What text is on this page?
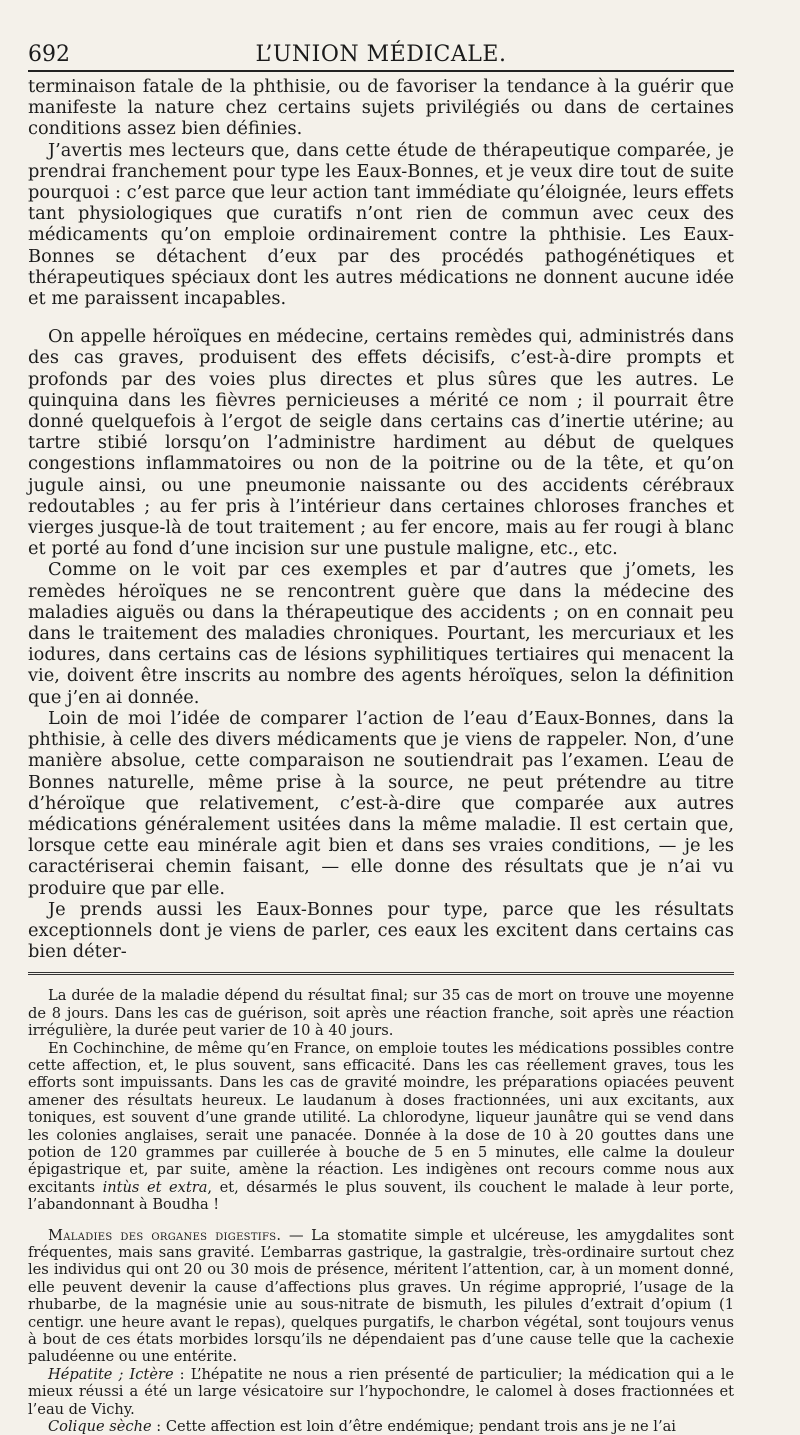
692	L’UNION MÉDICALE.

terminaison fatale de la phthisie, ou de favoriser la tendance à la guérir que manifeste la nature chez certains sujets privilégiés ou dans de certaines conditions assez bien définies.

J’avertis mes lecteurs que, dans cette étude de thérapeutique comparée, je prendrai franchement pour type les Eaux-Bonnes, et je veux dire tout de suite pourquoi : c’est parce que leur action tant immédiate qu’éloignée, leurs effets tant physiologiques que curatifs n’ont rien de commun avec ceux des médicaments qu’on emploie ordinairement contre la phthisie. Les Eaux-Bonnes se détachent d’eux par des procédés pathogénétiques et thérapeutiques spéciaux dont les autres médications ne donnent aucune idée et me paraissent incapables.

On appelle héroïques en médecine, certains remèdes qui, administrés dans des cas graves, produisent des effets décisifs, c’est-à-dire prompts et profonds par des voies plus directes et plus sûres que les autres. Le quinquina dans les fièvres pernicieuses a mérité ce nom ; il pourrait être donné quelquefois à l’ergot de seigle dans certains cas d’inertie utérine; au tartre stibié lorsqu’on l’administre hardiment au début de quelques congestions inflammatoires ou non de la poitrine ou de la tête, et qu’on jugule ainsi, ou une pneumonie naissante ou des accidents cérébraux redoutables ; au fer pris à l’intérieur dans certaines chloroses franches et vierges jusque-là de tout traitement ; au fer encore, mais au fer rougi à blanc et porté au fond d’une incision sur une pustule maligne, etc., etc.

Comme on le voit par ces exemples et par d’autres que j’omets, les remèdes héroïques ne se rencontrent guère que dans la médecine des maladies aiguës ou dans la thérapeutique des accidents ; on en connait peu dans le traitement des maladies chroniques. Pourtant, les mercuriaux et les iodures, dans certains cas de lésions syphilitiques tertiaires qui menacent la vie, doivent être inscrits au nombre des agents héroïques, selon la définition que j’en ai donnée.

Loin de moi l’idée de comparer l’action de l’eau d’Eaux-Bonnes, dans la phthisie, à celle des divers médicaments que je viens de rappeler. Non, d’une manière absolue, cette comparaison ne soutiendrait pas l’examen. L’eau de Bonnes naturelle, même prise à la source, ne peut prétendre au titre d’héroïque que relativement, c’est-à-dire que comparée aux autres médications généralement usitées dans la même maladie. Il est certain que, lorsque cette eau minérale agit bien et dans ses vraies conditions, — je les caractériserai chemin faisant, — elle donne des résultats que je n’ai vu produire que par elle.

Je prends aussi les Eaux-Bonnes pour type, parce que les résultats exceptionnels dont je viens de parler, ces eaux les excitent dans certains cas bien déter-

La durée de la maladie dépend du résultat final; sur 35 cas de mort on trouve une moyenne de 8 jours. Dans les cas de guérison, soit après une réaction franche, soit après une réaction irrégulière, la durée peut varier de 10 à 40 jours.

En Cochinchine, de même qu’en France, on emploie toutes les médications possibles contre cette affection, et, le plus souvent, sans efficacité. Dans les cas réellement graves, tous les efforts sont impuissants. Dans les cas de gravité moindre, les préparations opiacées peuvent amener des résultats heureux. Le laudanum à doses fractionnées, uni aux excitants, aux toniques, est souvent d’une grande utilité. La chlorodyne, liqueur jaunâtre qui se vend dans les colonies anglaises, serait une panacée. Donnée à la dose de 10 à 20 gouttes dans une potion de 120 grammes par cuillerée à bouche de 5 en 5 minutes, elle calme la douleur épigastrique et, par suite, amène la réaction. Les indigènes ont recours comme nous aux excitants intùs et extra, et, désarmés le plus souvent, ils couchent le malade à leur porte, l’abandonnant à Boudha !

Maladies des organes digestifs. — La stomatite simple et ulcéreuse, les amygdalites sont fréquentes, mais sans gravité. L’embarras gastrique, la gastralgie, très-ordinaire surtout chez les individus qui ont 20 ou 30 mois de présence, méritent l’attention, car, à un moment donné, elle peuvent devenir la cause d’affections plus graves. Un régime approprié, l’usage de la rhubarbe, de la magnésie unie au sous-nitrate de bismuth, les pilules d’extrait d’opium (1 centigr. une heure avant le repas), quelques purgatifs, le charbon végétal, sont toujours venus à bout de ces états morbides lorsqu’ils ne dépendaient pas d’une cause telle que la cachexie paludéenne ou une entérite.

Hépatite ; Ictère : L’hépatite ne nous a rien présenté de particulier; la médication qui a le mieux réussi a été un large vésicatoire sur l’hypochondre, le calomel à doses fractionnées et l’eau de Vichy.

Colique sèche : Cette affection est loin d’être endémique; pendant trois ans je ne l’ai
